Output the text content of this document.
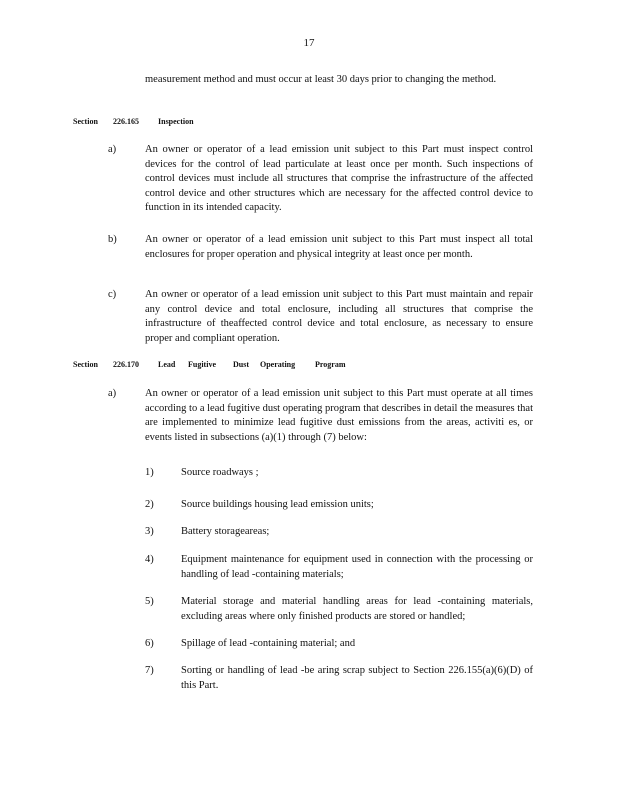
17
measurement method and must occur at least 30 days prior to changing the method.
Section 226.165 Inspection
a)	An owner or operator of a lead emission unit subject to this Part must inspect control devices for the control of lead particulate at least once per month. Such inspections of control devices must include all structures that comprise the infrastructure of the affected control device and other structures which are necessary for the affected control device to function in its intended capacity.
b)	An owner or operator of a lead emission unit subject to this Part must inspect all total enclosures for proper operation and physical integrity at least once per month.
c)	An owner or operator of a lead emission unit subject to this Part must maintain and repair any control device and total enclosure, including all structures that comprise the infrastructure of theaffected control device and total enclosure, as necessary to ensure proper and compliant operation.
Section 226.170 Lead Fugitive Dust Operating Program
a)	An owner or operator of a lead emission unit subject to this Part must operate at all times according to a lead fugitive dust operating program that describes in detail the measures that are implemented to minimize lead fugitive dust emissions from the areas, activiti es, or events listed in subsections (a)(1) through (7) below:
1)	Source roadways ;
2)	Source buildings housing lead emission units;
3)	Battery storageareas;
4)	Equipment maintenance for equipment used in connection with the processing or handling of lead -containing materials;
5)	Material storage and material handling areas for lead -containing materials, excluding areas where only finished products are stored or handled;
6)	Spillage of lead -containing material; and
7)	Sorting or handling of lead -be aring scrap subject to Section 226.155(a)(6)(D) of this Part.
